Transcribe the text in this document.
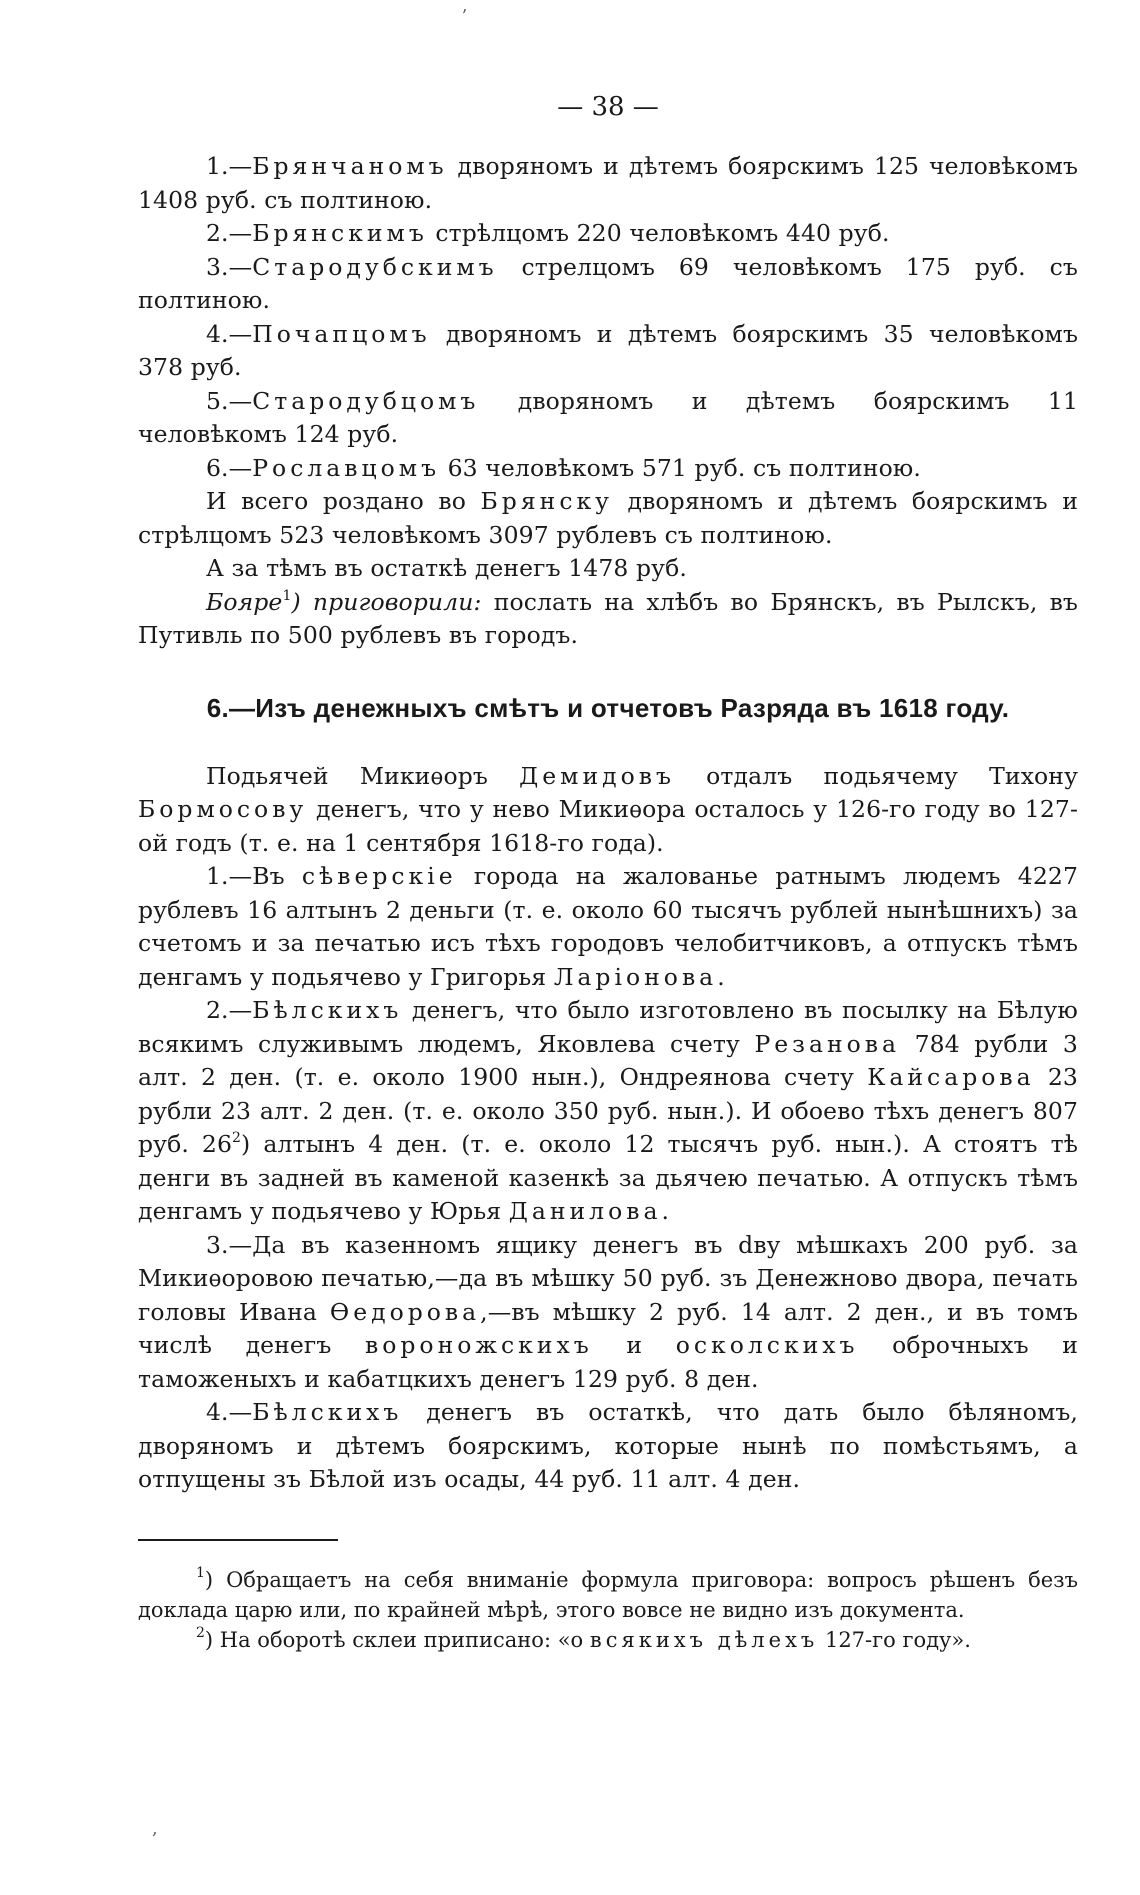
ʼ
— 38 —

1.—Брянчаномъ дворяномъ и дѣтемъ боярскимъ 125 человѣкомъ 1408 руб. съ полтиною.

2.—Брянскимъ стрѣлцомъ 220 человѣкомъ 440 руб.

3.—Стародубскимъ стрелцомъ 69 человѣкомъ 175 руб. съ полтиною.

4.—Почапцомъ дворяномъ и дѣтемъ боярскимъ 35 человѣкомъ 378 руб.

5.—Стародубцомъ дворяномъ и дѣтемъ боярскимъ 11 человѣкомъ 124 руб.

6.—Рославцомъ 63 человѣкомъ 571 руб. съ полтиною.

И всего роздано во Брянску дворяномъ и дѣтемъ боярскимъ и стрѣлцомъ 523 человѣкомъ 3097 рублевъ съ полтиною.

А за тѣмъ въ остаткѣ денегъ 1478 руб.

Бояре$^1$) приговорили: послать на хлѣбъ во Брянскъ, въ Рылскъ, въ Путивль по 500 рублевъ въ городъ.

6.—Изъ денежныхъ смѣтъ и отчетовъ Разряда въ 1618 году.

Подьячей Микиѳоръ Демидовъ отдалъ подьячему Тихону Бормосову денегъ, что у нево Микиѳора осталось у 126-го году во 127-ой годъ (т. е. на 1 сентября 1618-го года).

1.—Въ сѣверскіе города на жалованье ратнымъ людемъ 4227 рублевъ 16 алтынъ 2 деньги (т. е. около 60 тысячъ рублей нынѣшнихъ) за счетомъ и за печатью исъ тѣхъ городовъ челобитчиковъ, а отпускъ тѣмъ денгамъ у подьячево у Григорья Ларіонова.

2.—Бѣлскихъ денегъ, что было изготовлено въ посылку на Бѣлую всякимъ служивымъ людемъ, Яковлева счету Резанова 784 рубли 3 алт. 2 ден. (т. е. около 1900 нын.), Ондреянова счету Кайсарова 23 рубли 23 алт. 2 ден. (т. е. около 350 руб. нын.). И обоево тѣхъ денегъ 807 руб. $26^2$) алтынъ 4 ден. (т. е. около 12 тысячъ руб. нын.). А стоятъ тѣ денги въ задней въ каменой казенкѣ за дьячею печатью. А отпускъ тѣмъ денгамъ у подьячево у Юрья Данилова.

3.—Да въ казенномъ ящику денегъ въ dву мѣшкахъ 200 руб. за Микиѳоровою печатью,—да въ мѣшку 50 руб. зъ Денежново двора, печать головы Ивана Ѳедорова,—въ мѣшку 2 руб. 14 алт. 2 ден., и въ томъ числѣ денегъ вороножскихъ и осколскихъ оброчныхъ и таможеныхъ и кабатцкихъ денегъ 129 руб. 8 ден.

4.—Бѣлскихъ денегъ въ остаткѣ, что дать было бѣляномъ, дворяномъ и дѣтемъ боярскимъ, которые нынѣ по помѣстьямъ, а отпущены зъ Бѣлой изъ осады, 44 руб. 11 алт. 4 ден.

$^1$) Обращаетъ на себя вниманіе формула приговора: вопросъ рѣшенъ безъ доклада царю или, по крайней мѣрѣ, этого вовсе не видно изъ документа.

$^2$) На оборотѣ склеи приписано: «о всякихъ дѣлехъ 127-го году».

,
